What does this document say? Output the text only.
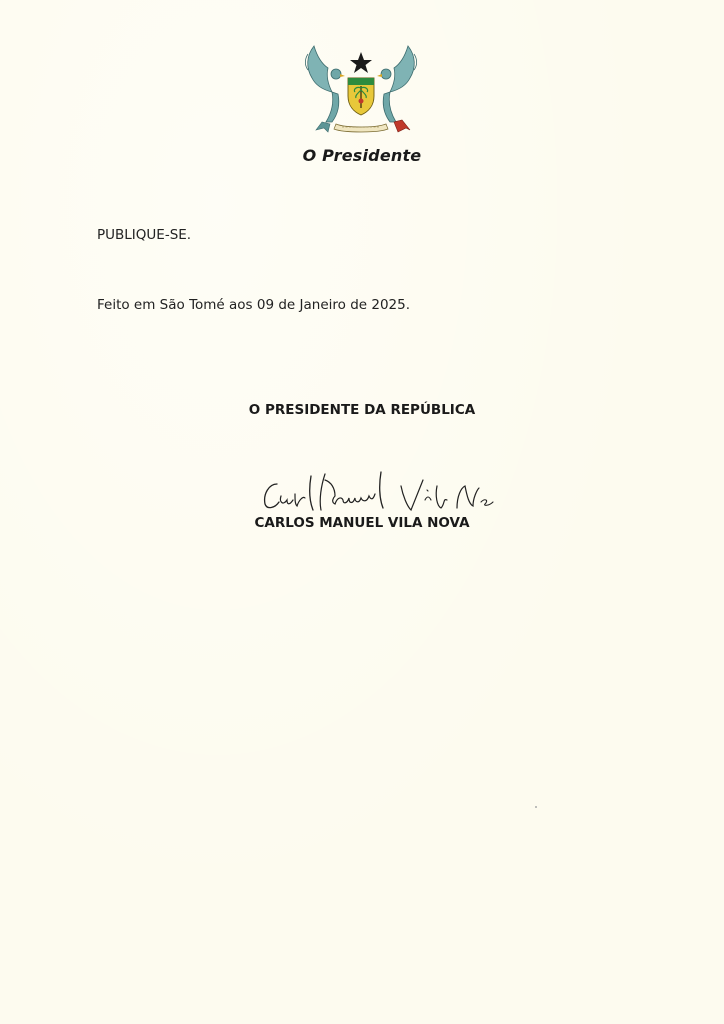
O Presidente
PUBLIQUE-SE.
Feito em São Tomé aos 09 de Janeiro de 2025.
O PRESIDENTE DA REPÚBLICA
CARLOS MANUEL VILA NOVA
